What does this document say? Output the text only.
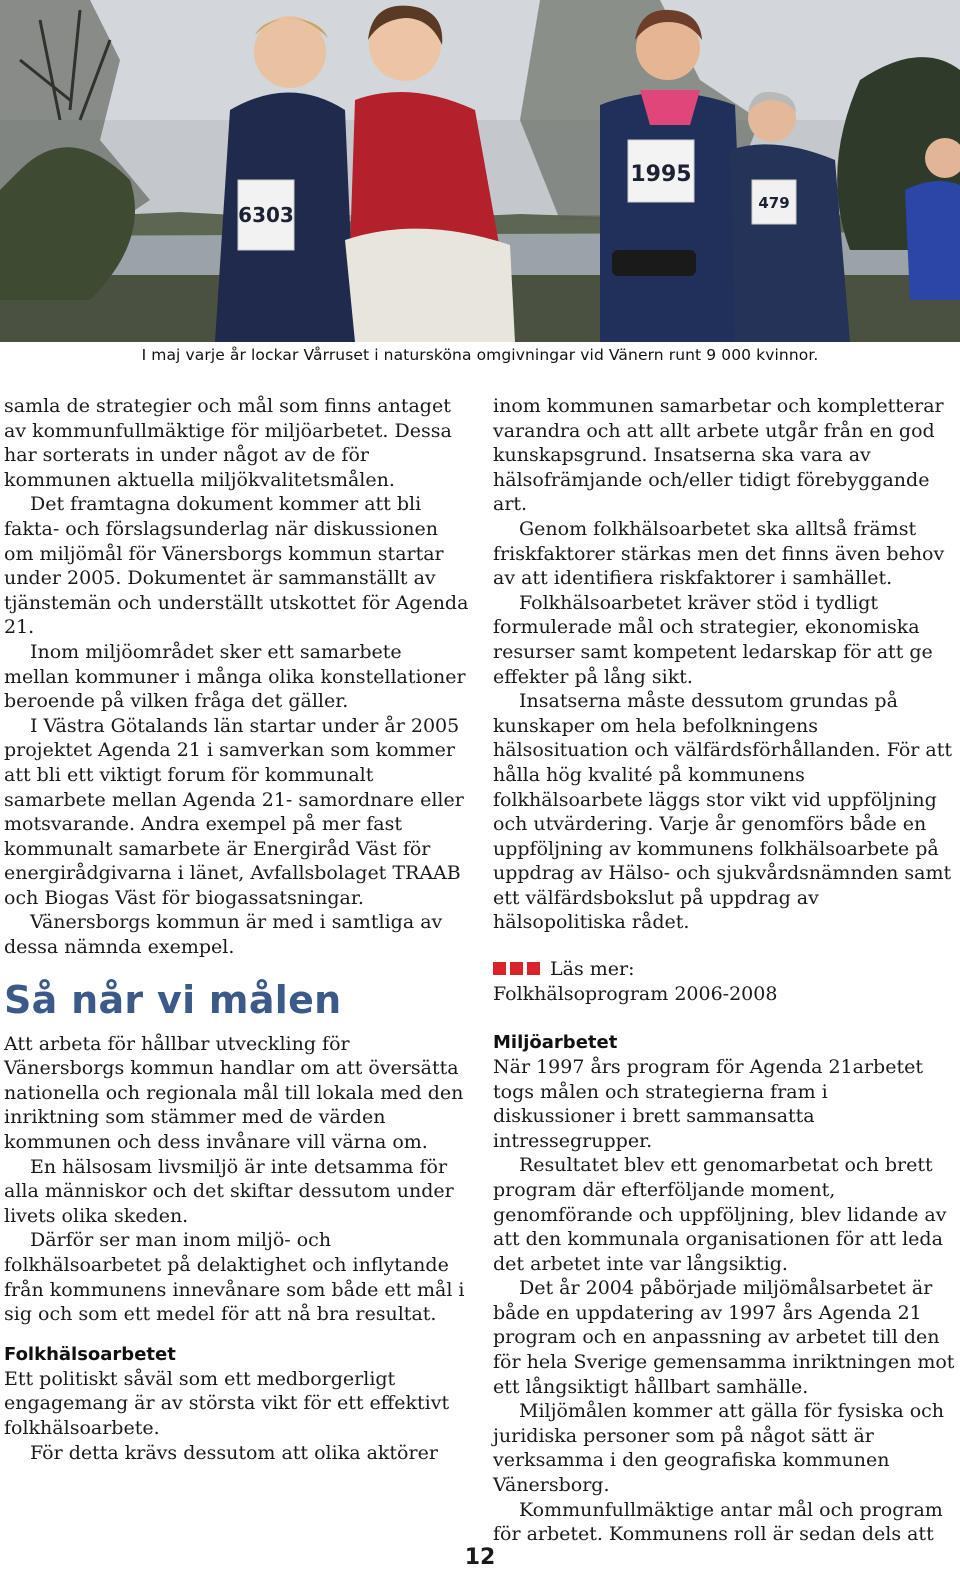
6303
1995
479
I maj varje år lockar Vårruset i natursköna omgivningar vid Vänern runt 9 000 kvinnor.

samla de strategier och mål som finns antaget av kommunfullmäktige för miljöarbetet. Dessa har sorterats in under något av de för kommunen aktuella miljökvalitetsmålen.

Det framtagna dokument kommer att bli fakta- och förslagsunderlag när diskussionen om miljömål för Vänersborgs kommun startar under 2005. Dokumentet är sammanställt av tjänstemän och underställt utskottet för Agenda 21.

Inom miljöområdet sker ett samarbete mellan kommuner i många olika konstellationer beroende på vilken fråga det gäller.

I Västra Götalands län startar under år 2005 projektet Agenda 21 i samverkan som kommer att bli ett viktigt forum för kommunalt samarbete mellan Agenda 21- samordnare eller motsvarande. Andra exempel på mer fast kommunalt samarbete är Energiråd Väst för energirådgivarna i länet, Avfallsbolaget TRAAB och Biogas Väst för biogassatsningar.

Vänersborgs kommun är med i samtliga av dessa nämnda exempel.

Så når vi målen

Att arbeta för hållbar utveckling för Vänersborgs kommun handlar om att översätta nationella och regionala mål till lokala med den inriktning som stämmer med de värden kommunen och dess invånare vill värna om.

En hälsosam livsmiljö är inte detsamma för alla människor och det skiftar dessutom under livets olika skeden.

Därför ser man inom miljö- och folkhälsoarbetet på delaktighet och inflytande från kommunens innevånare som både ett mål i sig och som ett medel för att nå bra resultat.

Folkhälsoarbetet

Ett politiskt såväl som ett medborgerligt engagemang är av största vikt för ett effektivt folkhälsoarbete.

För detta krävs dessutom att olika aktörer

inom kommunen samarbetar och kompletterar varandra och att allt arbete utgår från en god kunskapsgrund. Insatserna ska vara av hälsofrämjande och/eller tidigt förebyggande art.

Genom folkhälsoarbetet ska alltså främst friskfaktorer stärkas men det finns även behov av att identifiera riskfaktorer i samhället.

Folkhälsoarbetet kräver stöd i tydligt formulerade mål och strategier, ekonomiska resurser samt kompetent ledarskap för att ge effekter på lång sikt.

Insatserna måste dessutom grundas på kunskaper om hela befolkningens hälsosituation och välfärdsförhållanden. För att hålla hög kvalité på kommunens folkhälsoarbete läggs stor vikt vid uppföljning och utvärdering. Varje år genomförs både en uppföljning av kommunens folkhälsoarbete på uppdrag av Hälso- och sjukvårdsnämnden samt ett välfärdsbokslut på uppdrag av hälsopolitiska rådet.

Läs mer:
Folkhälsoprogram 2006-2008
Miljöarbetet

När 1997 års program för Agenda 21arbetet togs målen och strategierna fram i diskussioner i brett sammansatta intressegrupper.

Resultatet blev ett genomarbetat och brett program där efterföljande moment, genomförande och uppföljning, blev lidande av att den kommunala organisationen för att leda det arbetet inte var långsiktig.

Det år 2004 påbörjade miljömålsarbetet är både en uppdatering av 1997 års Agenda 21 program och en anpassning av arbetet till den för hela Sverige gemensamma inriktningen mot ett långsiktigt hållbart samhälle.

Miljömålen kommer att gälla för fysiska och juridiska personer som på något sätt är verksamma i den geografiska kommunen Vänersborg.

Kommunfullmäktige antar mål och program för arbetet. Kommunens roll är sedan dels att

12
